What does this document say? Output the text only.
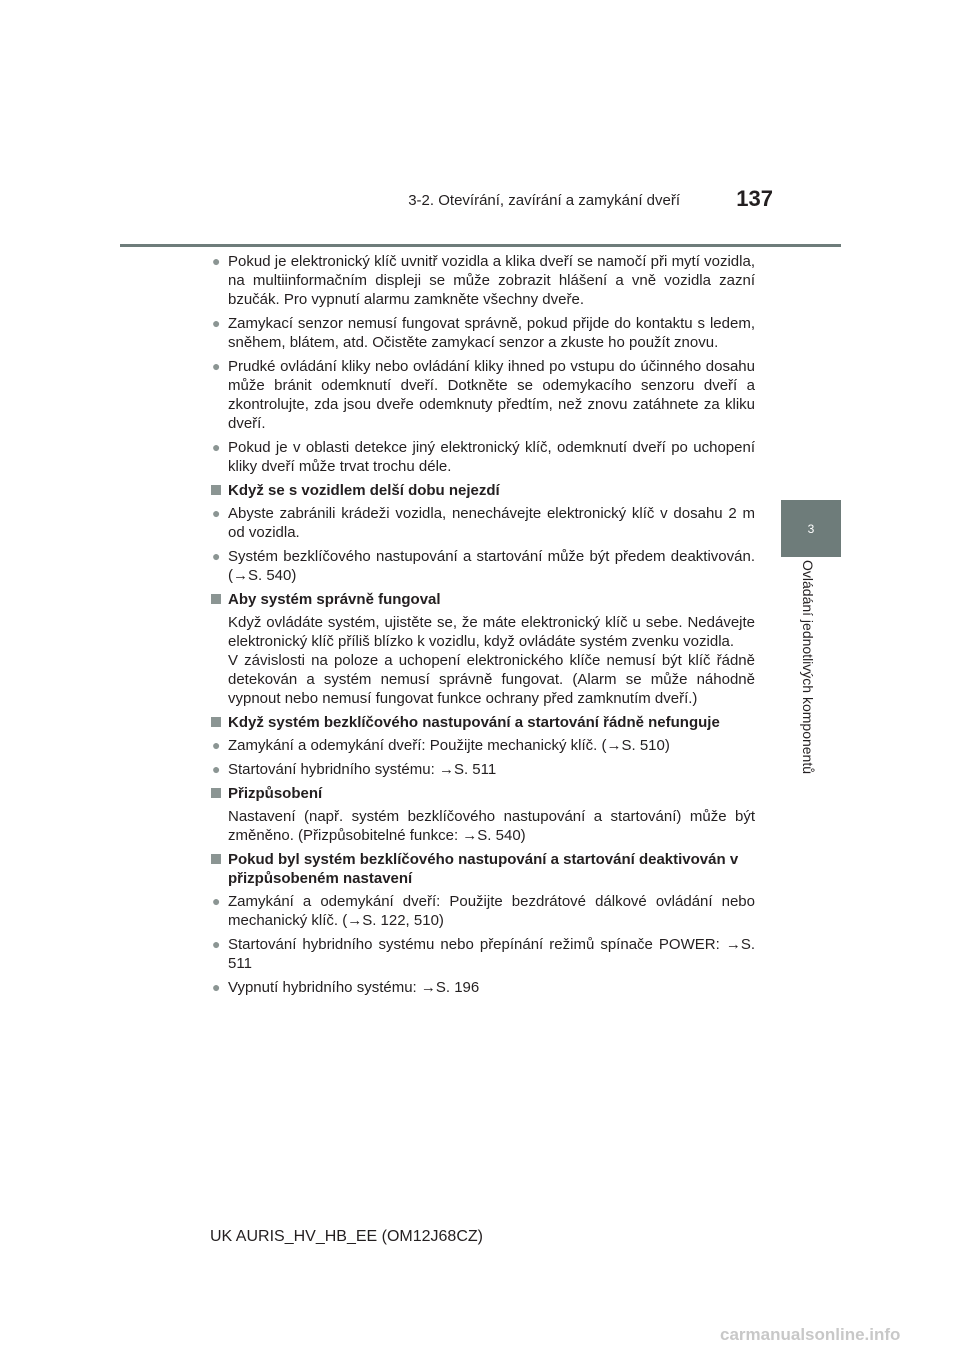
3-2. Otevírání, zavírání a zamykání dveří	137
3
Ovládání jednotlivých komponentů
● Pokud je elektronický klíč uvnitř vozidla a klika dveří se namočí při mytí vozidla, na multiinformačním displeji se může zobrazit hlášení a vně vozidla zazní bzučák. Pro vypnutí alarmu zamkněte všechny dveře.
● Zamykací senzor nemusí fungovat správně, pokud přijde do kontaktu s ledem, sněhem, blátem, atd. Očistěte zamykací senzor a zkuste ho použít znovu.
● Prudké ovládání kliky nebo ovládání kliky ihned po vstupu do účinného dosahu může bránit odemknutí dveří. Dotkněte se odemykacího senzoru dveří a zkontrolujte, zda jsou dveře odemknuty předtím, než znovu zatáhnete za kliku dveří.
● Pokud je v oblasti detekce jiný elektronický klíč, odemknutí dveří po uchopení kliky dveří může trvat trochu déle.
Když se s vozidlem delší dobu nejezdí
● Abyste zabránili krádeži vozidla, nenechávejte elektronický klíč v dosahu 2 m od vozidla.
● Systém bezklíčového nastupování a startování může být předem deaktivován. (→S. 540)
Aby systém správně fungoval
Když ovládáte systém, ujistěte se, že máte elektronický klíč u sebe. Nedávejte elektronický klíč příliš blízko k vozidlu, když ovládáte systém zvenku vozidla.
V závislosti na poloze a uchopení elektronického klíče nemusí být klíč řádně detekován a systém nemusí správně fungovat. (Alarm se může náhodně vypnout nebo nemusí fungovat funkce ochrany před zamknutím dveří.)
Když systém bezklíčového nastupování a startování řádně nefunguje
● Zamykání a odemykání dveří: Použijte mechanický klíč. (→S. 510)
● Startování hybridního systému: →S. 511
Přizpůsobení
Nastavení (např. systém bezklíčového nastupování a startování) může být změněno. (Přizpůsobitelné funkce: →S. 540)
Pokud byl systém bezklíčového nastupování a startování deaktivován v přizpůsobeném nastavení
● Zamykání a odemykání dveří: Použijte bezdrátové dálkové ovládání nebo mechanický klíč. (→S. 122, 510)
● Startování hybridního systému nebo přepínání režimů spínače POWER: →S. 511
● Vypnutí hybridního systému: →S. 196
UK AURIS_HV_HB_EE (OM12J68CZ)
carmanualsonline.info
